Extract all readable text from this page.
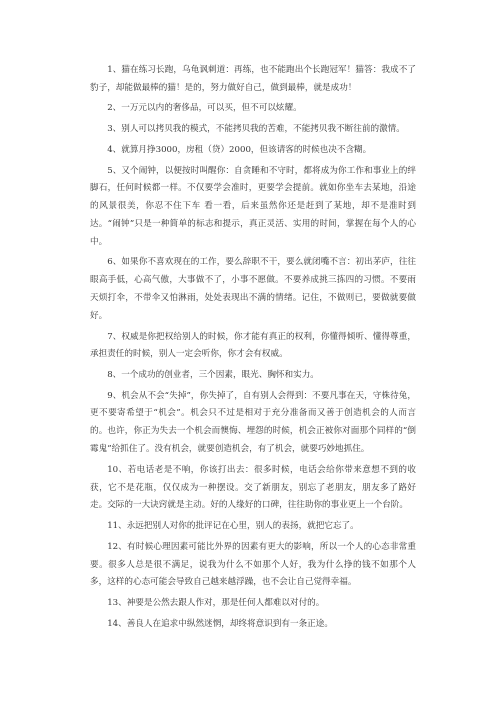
1、猫在练习长跑，乌龟讽刺道：再练，也不能跑出个长跑冠军！猫答：我成不了豹子，却能做最棒的猫！是的，努力做好自己，做到最棒，就是成功！

2、一万元以内的奢侈品，可以买，但不可以炫耀。

3、别人可以拷贝我的模式，不能拷贝我的苦难，不能拷贝我不断往前的激情。

4、就算月挣3000，房租（贷）2000，但该请客的时候也决不含糊。

5、又个闹钟，以便按时叫醒你：自贪睡和不守时，都将成为你工作和事业上的绊脚石，任何时候都一样。不仅要学会准时，更要学会提前。就如你坐车去某地，沿途的风景很美，你忍不住下车 看一看，后来虽然你还是赶到了某地，却不是准时到达。“闹钟”只是一种简单的标志和提示，真正灵活、实用的时间，掌握在每个人的心中。

6、如果你不喜欢现在的工作，要么辞职不干，要么就闭嘴不言：初出茅庐，往往眼高手低，心高气傲，大事做不了，小事不愿做。不要养成挑三拣四的习惯。不要雨天烦打伞，不带伞又怕淋雨，处处表现出不满的情绪。记住，不做则已，要做就要做好。

7、权威是你把权给别人的时候，你才能有真正的权利，你懂得倾听、懂得尊重，承担责任的时候，别人一定会听你，你才会有权威。

8、一个成功的创业者，三个因素，眼光、胸怀和实力。

9、机会从不会“失掉”，你失掉了，自有别人会得到：不要凡事在天，守株待兔，更不要寄希望于“机会”。机会只不过是相对于充分准备而又善于创造机会的人而言的。也许，你正为失去一个机会而懊悔、埋怨的时候，机会正被你对面那个同样的“倒霉鬼”给抓住了。没有机会，就要创造机会，有了机会，就要巧妙地抓住。

10、若电话老是不响，你该打出去：很多时候，电话会给你带来意想不到的收获，它不是花瓶，仅仅成为一种摆设。交了新朋友，别忘了老朋友，朋友多了路好走。交际的一大诀窍就是主动。好的人缘好的口碑，往往助你的事业更上一个台阶。

11、永远把别人对你的批评记在心里，别人的表扬，就把它忘了。

12、有时候心理因素可能比外界的因素有更大的影响，所以一个人的心态非常重要。很多人总是很不满足，说我为什么不如那个人好，我为什么挣的钱不如那个人多，这样的心态可能会导致自己越来越浮躁，也不会让自己觉得幸福。

13、神要是公然去跟人作对，那是任何人都难以对付的。

14、善良人在追求中纵然迷惘，却终将意识到有一条正途。
